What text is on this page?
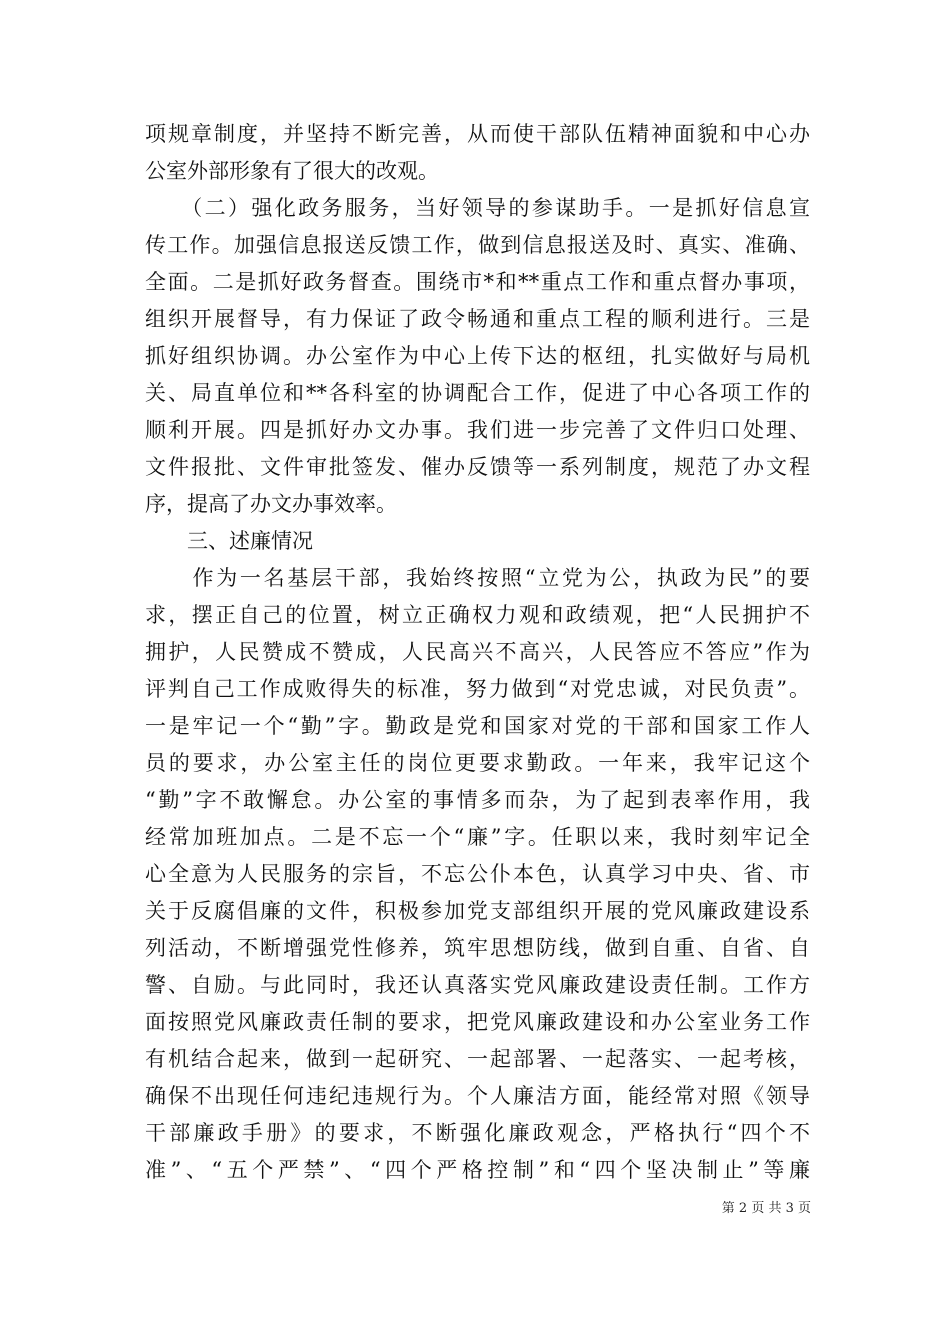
项规章制度，并坚持不断完善，从而使干部队伍精神面貌和中心办
公室外部形象有了很大的改观。
　　（二）强化政务服务，当好领导的参谋助手。一是抓好信息宣
传工作。加强信息报送反馈工作，做到信息报送及时、真实、准确、
全面。二是抓好政务督查。围绕市*和**重点工作和重点督办事项，
组织开展督导，有力保证了政令畅通和重点工程的顺利进行。三是
抓好组织协调。办公室作为中心上传下达的枢纽，扎实做好与局机
关、局直单位和**各科室的协调配合工作，促进了中心各项工作的
顺利开展。四是抓好办文办事。我们进一步完善了文件归口处理、
文件报批、文件审批签发、催办反馈等一系列制度，规范了办文程
序，提高了办文办事效率。
　　三、述廉情况
　　作为一名基层干部，我始终按照“立党为公，执政为民”的要
求，摆正自己的位置，树立正确权力观和政绩观，把“人民拥护不
拥护，人民赞成不赞成，人民高兴不高兴，人民答应不答应”作为
评判自己工作成败得失的标准，努力做到“对党忠诚，对民负责”。
一是牢记一个“勤”字。勤政是党和国家对党的干部和国家工作人
员的要求，办公室主任的岗位更要求勤政。一年来，我牢记这个
“勤”字不敢懈怠。办公室的事情多而杂，为了起到表率作用，我
经常加班加点。二是不忘一个“廉”字。任职以来，我时刻牢记全
心全意为人民服务的宗旨，不忘公仆本色，认真学习中央、省、市
关于反腐倡廉的文件，积极参加党支部组织开展的党风廉政建设系
列活动，不断增强党性修养，筑牢思想防线，做到自重、自省、自
警、自励。与此同时，我还认真落实党风廉政建设责任制。工作方
面按照党风廉政责任制的要求，把党风廉政建设和办公室业务工作
有机结合起来，做到一起研究、一起部署、一起落实、一起考核，
确保不出现任何违纪违规行为。个人廉洁方面，能经常对照《领导
干部廉政手册》的要求，不断强化廉政观念，严格执行“四个不
准”、“五个严禁”、“四个严格控制”和“四个坚决制止”等廉
第 2 页 共 3 页
